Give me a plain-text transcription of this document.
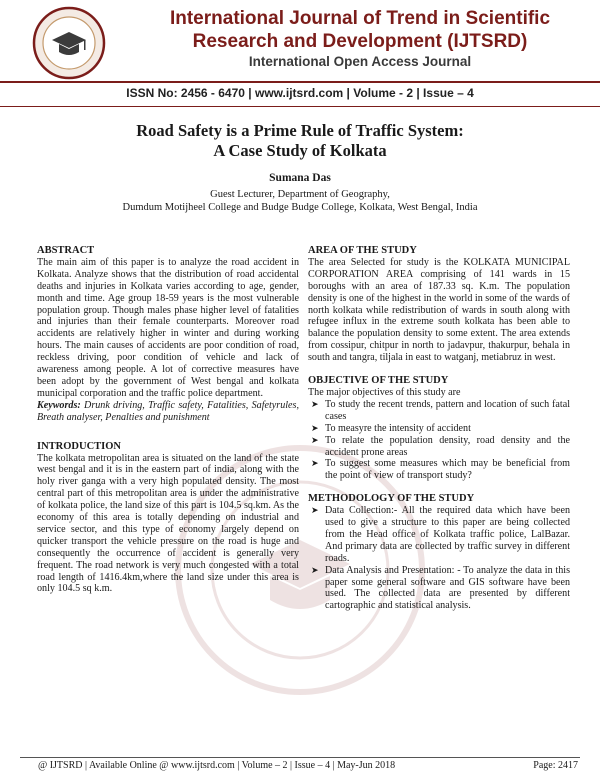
International Journal of Trend in Scientific
Research and Development (IJTSRD)
International Open Access Journal
ISSN No: 2456 - 6470 | www.ijtsrd.com | Volume - 2 | Issue – 4
Road Safety is a Prime Rule of Traffic System:
A Case Study of Kolkata
Sumana Das
Guest Lecturer, Department of Geography,
Dumdum Motijheel College and Budge Budge College, Kolkata, West Bengal, India
ABSTRACT
The main aim of this paper is to analyze the road accident in Kolkata. Analyze shows that the distribution of road accidental deaths and injuries in Kolkata varies according to age, gender, month and time. Age group 18-59 years is the most vulnerable population group. Though males phase higher level of fatalities and injuries than their female counterparts. Moreover road accidents are relatively higher in winter and during working hours. The main causes of accidents are poor condition of road, reckless driving, poor condition of vehicle and lack of awareness among people. A lot of corrective measures have been adopt by the government of West bengal and kolkata municipal corporation and the traffic police department.
Keywords: Drunk driving, Traffic safety, Fatalities, Safetyrules, Breath analyser, Penalties and punishment
INTRODUCTION
The kolkata metropolitan area is situated on the land of the state west bengal and it is in the eastern part of india, along with the holy river ganga with a very high populated density. The most central part of this metropolitan area is under the administrative of kolkata police, the land size of this part is 104.5 sq.km. As the economy of this area is totally depending on industrial and service sector, and this type of economy largely depend on quicker transport the vehicle pressure on the road is huge and consequently the occurrence of accident is generally very frequent. The road network is very much congested with a total road length of 1416.4km,where the land size under this area is only 104.5 sq k.m.
AREA OF THE STUDY
The area Selected for study is the KOLKATA MUNICIPAL CORPORATION AREA comprising of 141 wards in 15 boroughs with an area of 187.33 sq. K.m. The population density is one of the highest in the world in some of the wards of north kolkata while redistribution of wards in south along with refugee influx in the extreme south kolkata has been able to balance the population density to some extent. The area extends from cossipur, chitpur in north to jadavpur, thakurpur, behala in south and tangra, tiljala in east to watganj, metiabruz in west.
OBJECTIVE OF THE STUDY
The major objectives of this study are
➤ To study the recent trends, pattern and location of such fatal cases
➤ To measyre the intensity of accident
➤ To relate the population density, road density and the accident prone areas
➤ To suggest some measures which may be beneficial from the point of view of transport study?
METHODOLOGY OF THE STUDY
➤ Data Collection:- All the required data which have been used to give a structure to this paper are being collected from the Head office of Kolkata traffic police, LalBazar. And primary data are collected by traffic survey in different roads.
➤ Data Analysis and Presentation: - To analyze the data in this paper some general software and GIS software have been used. The collected data are presented by different cartographic and statistical analysis.
@ IJTSRD | Available Online @ www.ijtsrd.com | Volume – 2 | Issue – 4 | May-Jun 2018	Page: 2417
